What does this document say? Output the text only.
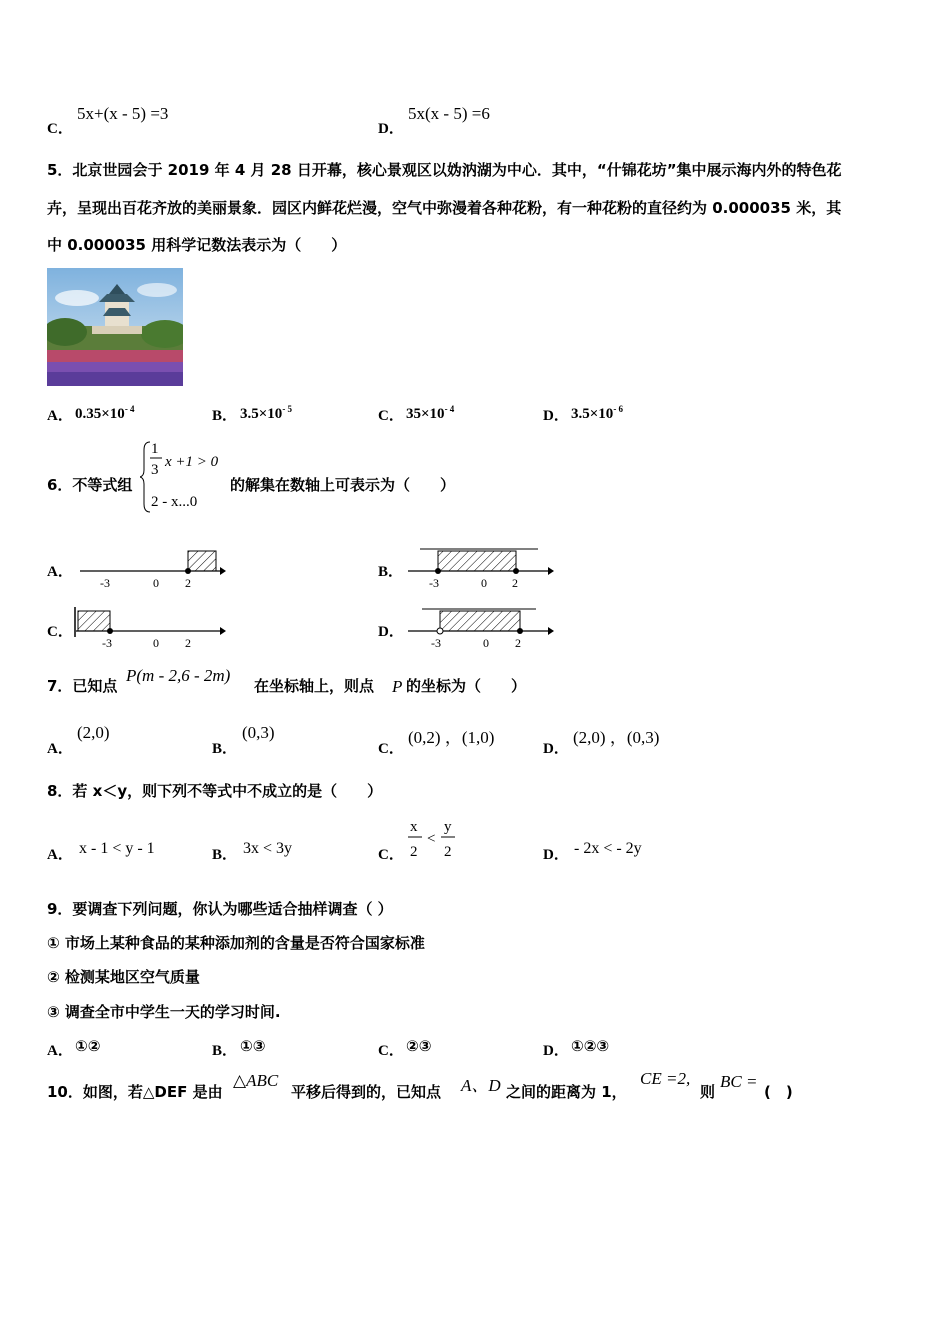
C．
5x+(x - 5) =3
D．
5x(x - 5) =6
5．北京世园会于 2019 年 4 月 28 日开幕，核心景观区以妫汭湖为中心．其中，“什锦花坊”集中展示海内外的特色花
卉，呈现出百花齐放的美丽景象．园区内鲜花烂漫，空气中弥漫着各种花粉，有一种花粉的直径约为 0.000035 米，其
中 0.000035 用科学记数法表示为（　　）
A． $0.35\times 10^{- 4}$	B． $3.5\times 10^{- 5}$	C． $35\times 10^{- 4}$	D． $3.5\times 10^{- 6}$
6．不等式组
1
3 x +1 > 0
2 - x...0
的解集在数轴上可表示为（　　）
A．
-3	0 2
B．
-3	0 2
C．
-3	0 2
D．
-3	0 2
7．已知点
P(m - 2,6 - 2m)
在坐标轴上，则点 P 的坐标为（　　）
A．
(2,0)
B．
(0,3)
C．
(0,2) ，(1,0)
D．
(2,0) ，(0,3)
8．若 x＜y，则下列不等式中不成立的是（　　）
A． x - 1 < y - 1	B． 3x < 3y	C．
x
2
<
y
2	D． - 2x < - 2y
9．要调查下列问题，你认为哪些适合抽样调查（ ）
① 市场上某种食品的某种添加剂的含量是否符合国家标准
② 检测某地区空气质量
③ 调查全市中学生一天的学习时间.
A． ①②	B． ①③	C． ②③	D． ①②③
10．如图，若△DEF 是由
△ABC
平移后得到的，已知点 A、D 之间的距离为 1，
CE =2,
则
BC =
(　)
